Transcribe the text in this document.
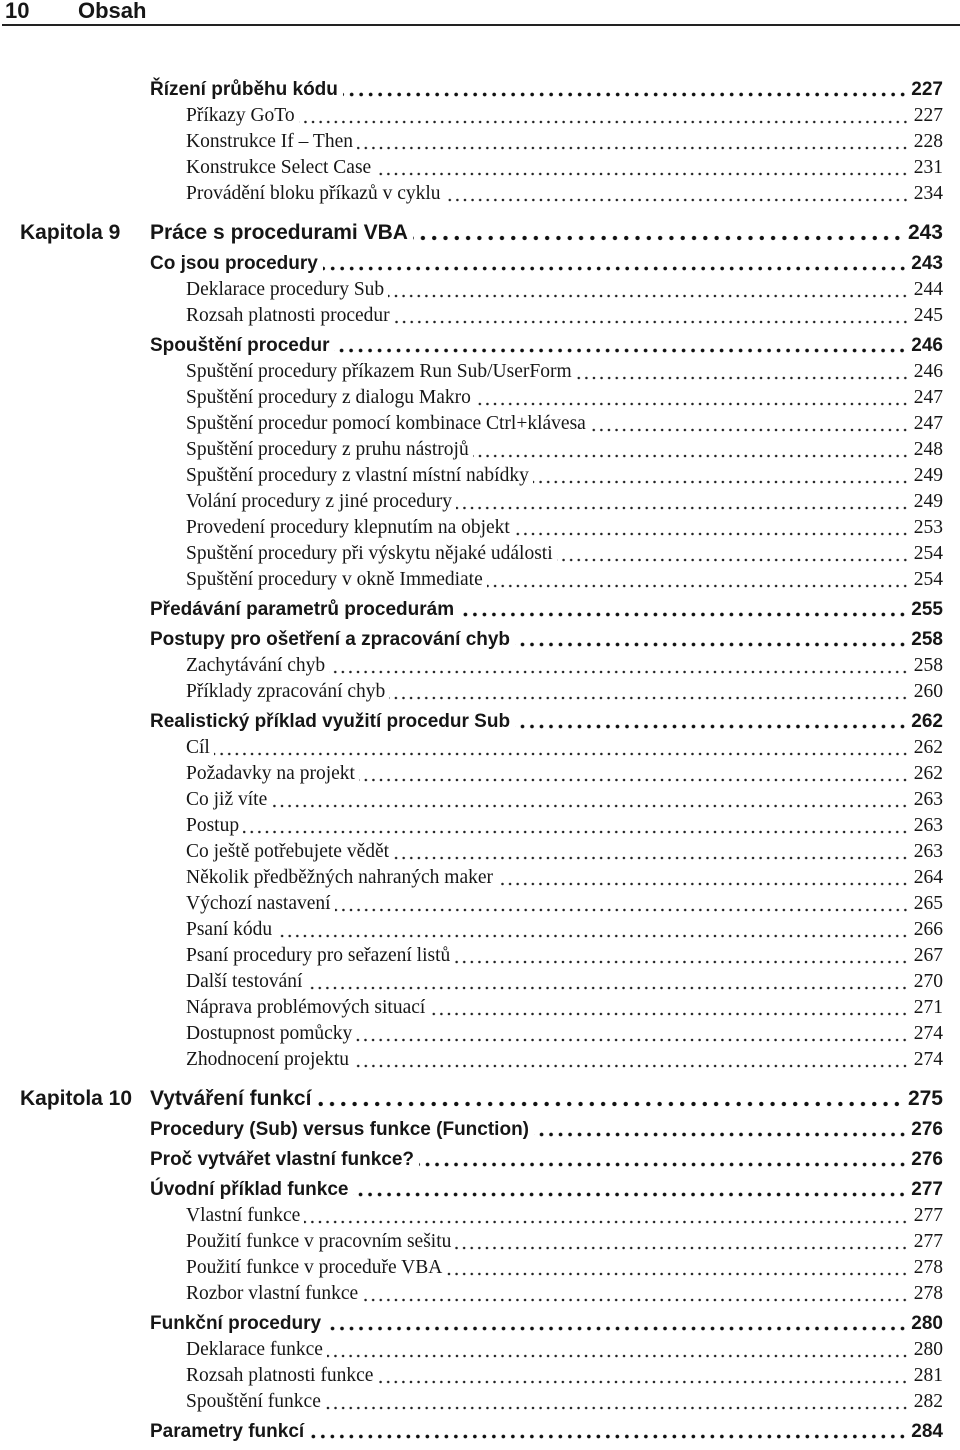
10 Obsah
Řízení průběhu kódu	227
Příkazy GoTo	227
Konstrukce If – Then	228
Konstrukce Select Case	231
Provádění bloku příkazů v cyklu	234
Kapitola 9	Práce s procedurami VBA	243
Co jsou procedury	243
Deklarace procedury Sub	244
Rozsah platnosti procedur	245
Spouštění procedur	246
Spuštění procedury příkazem Run Sub/UserForm	246
Spuštění procedury z dialogu Makro	247
Spuštění procedur pomocí kombinace Ctrl+klávesa	247
Spuštění procedury z pruhu nástrojů	248
Spuštění procedury z vlastní místní nabídky	249
Volání procedury z jiné procedury	249
Provedení procedury klepnutím na objekt	253
Spuštění procedury při výskytu nějaké události	254
Spuštění procedury v okně Immediate	254
Předávání parametrů procedurám	255
Postupy pro ošetření a zpracování chyb	258
Zachytávání chyb	258
Příklady zpracování chyb	260
Realistický příklad využití procedur Sub	262
Cíl	262
Požadavky na projekt	262
Co již víte	263
Postup	263
Co ještě potřebujete vědět	263
Několik předběžných nahraných maker	264
Výchozí nastavení	265
Psaní kódu	266
Psaní procedury pro seřazení listů	267
Další testování	270
Náprava problémových situací	271
Dostupnost pomůcky	274
Zhodnocení projektu	274
Kapitola 10 Vytváření funkcí	275
Procedury (Sub) versus funkce (Function)	276
Proč vytvářet vlastní funkce?	276
Úvodní příklad funkce	277
Vlastní funkce	277
Použití funkce v pracovním sešitu	277
Použití funkce v proceduře VBA	278
Rozbor vlastní funkce	278
Funkční procedury	280
Deklarace funkce	280
Rozsah platnosti funkce	281
Spouštění funkce	282
Parametry funkcí	284
